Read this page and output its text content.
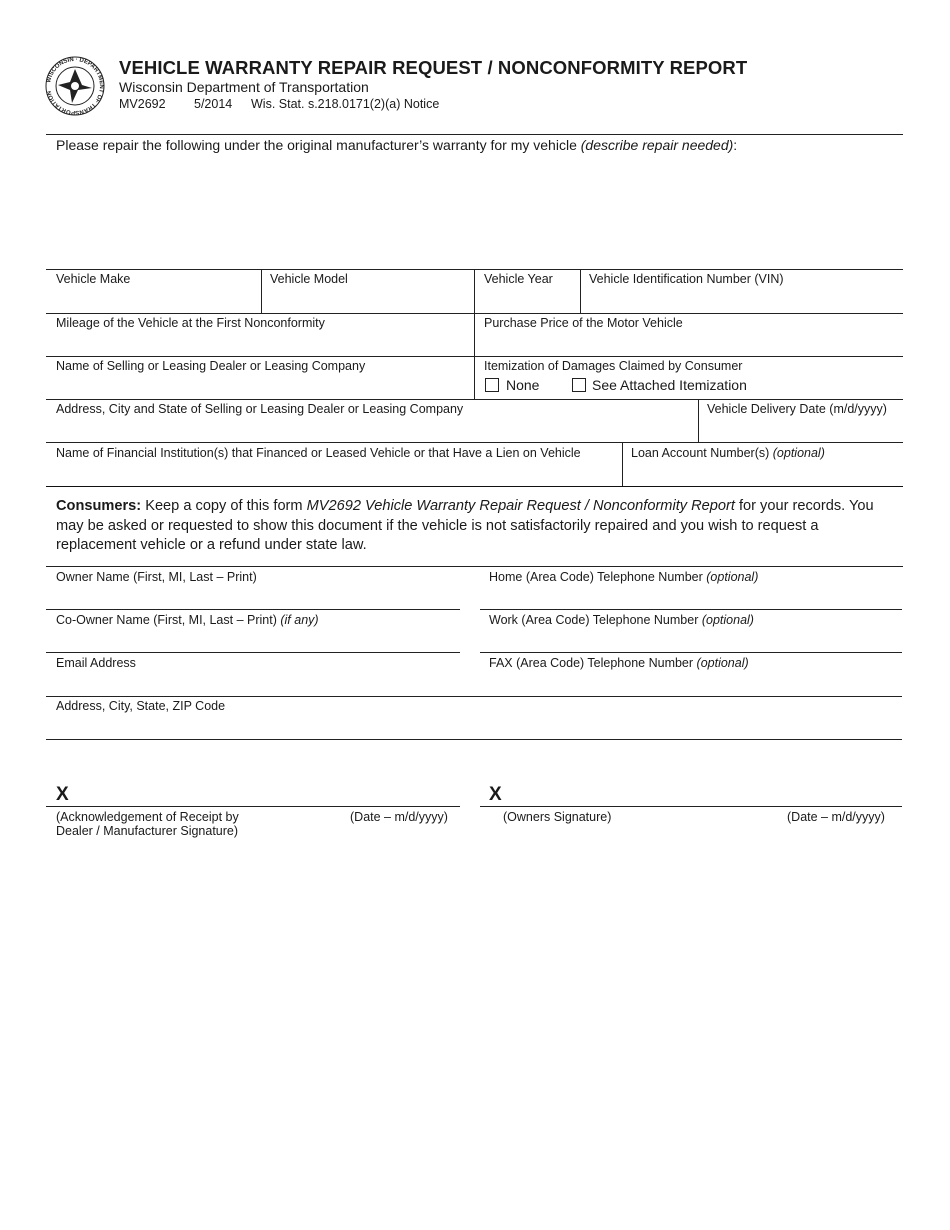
WISCONSIN · DEPARTMENT OF TRANSPORTATION
VEHICLE WARRANTY REPAIR REQUEST / NONCONFORMITY REPORT
Wisconsin Department of Transportation
MV2692 5/2014 Wis. Stat. s.218.0171(2)(a) Notice
Please repair the following under the original manufacturer’s warranty for my vehicle (describe repair needed):
Vehicle Make	Vehicle Model	Vehicle Year	Vehicle Identification Number (VIN)
Mileage of the Vehicle at the First Nonconformity	Purchase Price of the Motor Vehicle
Name of Selling or Leasing Dealer or Leasing Company	Itemization of Damages Claimed by Consumer
None	See Attached Itemization
Address, City and State of Selling or Leasing Dealer or Leasing Company	Vehicle Delivery Date (m/d/yyyy)
Name of Financial Institution(s) that Financed or Leased Vehicle or that Have a Lien on Vehicle	Loan Account Number(s) (optional)
Consumers: Keep a copy of this form MV2692 Vehicle Warranty Repair Request / Nonconformity Report for your records. You may be asked or requested to show this document if the vehicle is not satisfactorily repaired and you wish to request a replacement vehicle or a refund under state law.
Owner Name (First, MI, Last – Print)	Home (Area Code) Telephone Number (optional)
Co-Owner Name (First, MI, Last – Print) (if any)	Work (Area Code) Telephone Number (optional)
Email Address	FAX (Area Code) Telephone Number (optional)
Address, City, State, ZIP Code
X
(Acknowledgement of Receipt by
Dealer / Manufacturer Signature)
(Date – m/d/yyyy)
X
(Owners Signature)	(Date – m/d/yyyy)
